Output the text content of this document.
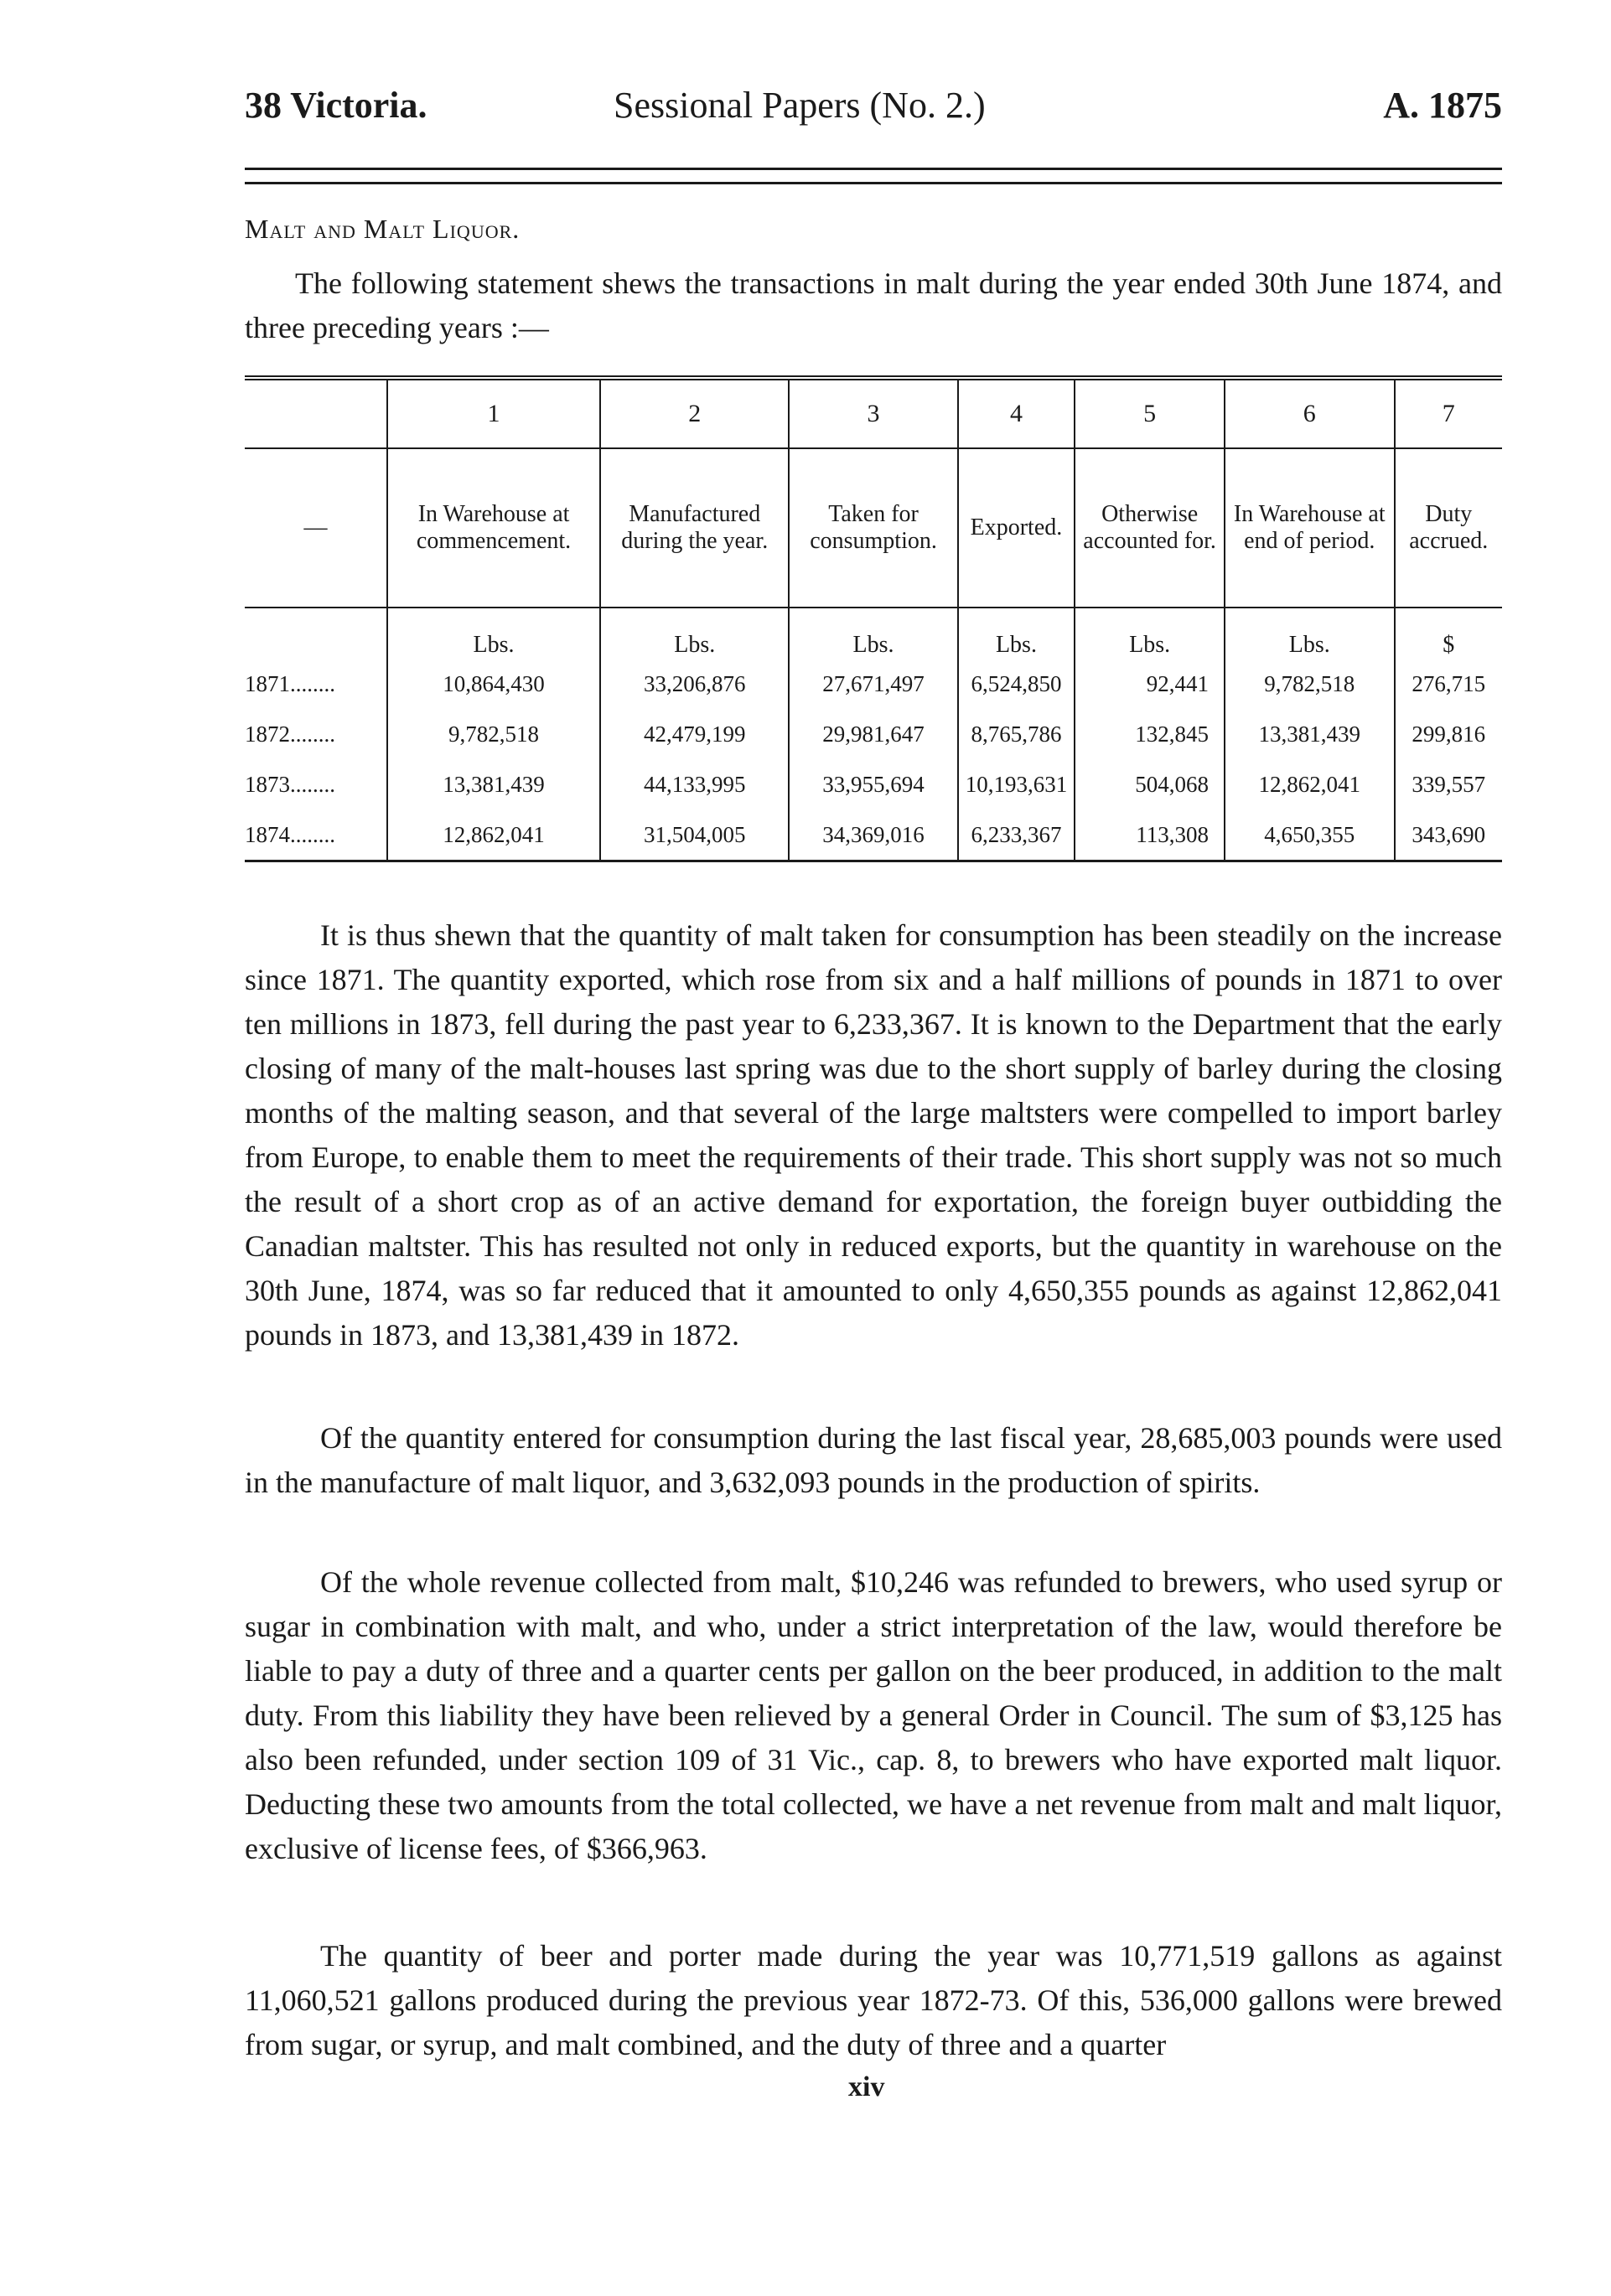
38 Victoria.	Sessional Papers (No. 2.)	A. 1875
Malt and Malt Liquor.
The following statement shews the transactions in malt during the year ended 30th June 1874, and three preceding years :—
	1	2	3	4	5	6	7
—	In Warehouse at commencement.	Manufactured during the year.	Taken for consumption.	Exported.	Otherwise accounted for.	In Warehouse at end of period.	Duty accrued.
	Lbs.	Lbs.	Lbs.	Lbs.	Lbs.	Lbs.	$
1871........	10,864,430	33,206,876	27,671,497	6,524,850	92,441	9,782,518	276,715
1872........	9,782,518	42,479,199	29,981,647	8,765,786	132,845	13,381,439	299,816
1873........	13,381,439	44,133,995	33,955,694	10,193,631	504,068	12,862,041	339,557
1874........	12,862,041	31,504,005	34,369,016	6,233,367	113,308	4,650,355	343,690
It is thus shewn that the quantity of malt taken for consumption has been steadily on the increase since 1871. The quantity exported, which rose from six and a half millions of pounds in 1871 to over ten millions in 1873, fell during the past year to 6,233,367. It is known to the Department that the early closing of many of the malt-houses last spring was due to the short supply of barley during the closing months of the malting season, and that several of the large maltsters were compelled to import barley from Europe, to enable them to meet the requirements of their trade. This short supply was not so much the result of a short crop as of an active demand for exportation, the foreign buyer outbidding the Canadian maltster. This has resulted not only in reduced exports, but the quantity in warehouse on the 30th June, 1874, was so far reduced that it amounted to only 4,650,355 pounds as against 12,862,041 pounds in 1873, and 13,381,439 in 1872.
Of the quantity entered for consumption during the last fiscal year, 28,685,003 pounds were used in the manufacture of malt liquor, and 3,632,093 pounds in the production of spirits.
Of the whole revenue collected from malt, $10,246 was refunded to brewers, who used syrup or sugar in combination with malt, and who, under a strict interpretation of the law, would therefore be liable to pay a duty of three and a quarter cents per gallon on the beer produced, in addition to the malt duty. From this liability they have been relieved by a general Order in Council. The sum of $3,125 has also been refunded, under section 109 of 31 Vic., cap. 8, to brewers who have exported malt liquor. Deducting these two amounts from the total collected, we have a net revenue from malt and malt liquor, exclusive of license fees, of $366,963.
The quantity of beer and porter made during the year was 10,771,519 gallons as against 11,060,521 gallons produced during the previous year 1872-73. Of this, 536,000 gallons were brewed from sugar, or syrup, and malt combined, and the duty of three and a quarter
xiv
